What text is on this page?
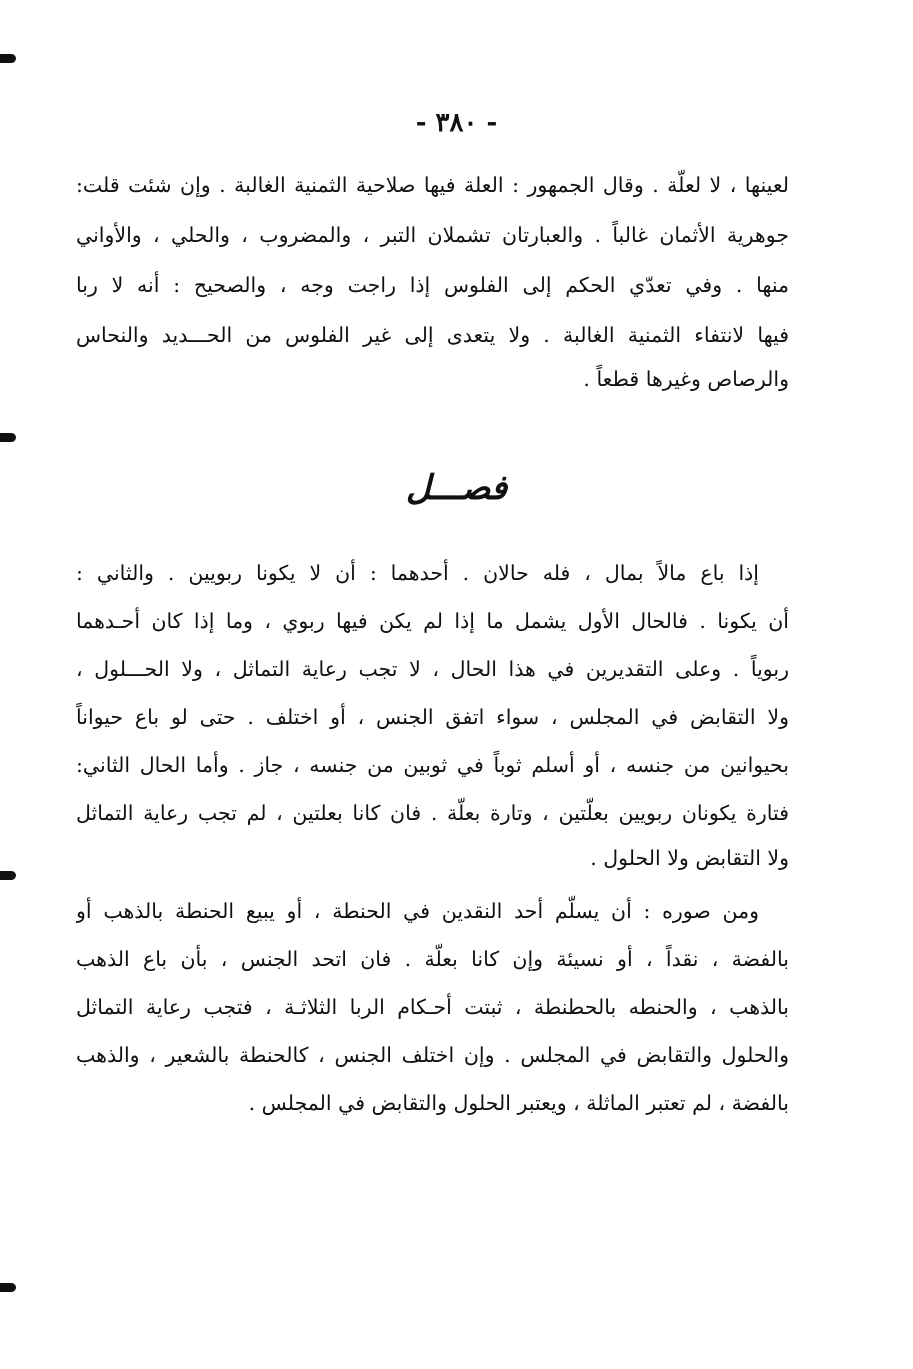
- ٣٨٠ -
لعينها ، لا لعلّة . وقال الجمهور : العلة فيها صلاحية الثمنية الغالبة . وإن شئت قلت:
جوهرية الأثمان غالباً . والعبارتان تشملان التبر ، والمضروب ، والحلي ، والأواني
منها . وفي تعدّي الحكم إلى الفلوس إذا راجت وجه ، والصحيح : أنه لا ربا
فيها لانتفاء الثمنية الغالبة . ولا يتعدى إلى غير الفلوس من الحـــديد والنحاس
والرصاص وغيرها قطعاً .
فصـــل
إذا باع مالاً بمال ، فله حالان . أحدهما : أن لا يكونا ربويين . والثاني :
أن يكونا . فالحال الأول يشمل ما إذا لم يكن فيها ربوي ، وما إذا كان أحـدهما
ربوياً . وعلى التقديرين في هذا الحال ، لا تجب رعاية التماثل ، ولا الحـــلول ،
ولا التقابض في المجلس ، سواء اتفق الجنس ، أو اختلف . حتى لو باع حيواناً
بحيوانين من جنسه ، أو أسلم ثوباً في ثوبين من جنسه ، جاز . وأما الحال الثاني:
فتارة يكونان ربويين بعلّتين ، وتارة بعلّة . فان كانا بعلتين ، لم تجب رعاية التماثل
ولا التقابض ولا الحلول .
ومن صوره : أن يسلّم أحد النقدين في الحنطة ، أو يبيع الحنطة بالذهب أو
بالفضة ، نقداً ، أو نسيئة وإن كانا بعلّة . فان اتحد الجنس ، بأن باع الذهب
بالذهب ، والحنطه بالحطنطة ، ثبتت أحـكام الربا الثلاثـة ، فتجب رعاية التماثل
والحلول والتقابض في المجلس . وإن اختلف الجنس ، كالحنطة بالشعير ، والذهب
بالفضة ، لم تعتبر الماثلة ، ويعتبر الحلول والتقابض في المجلس .
